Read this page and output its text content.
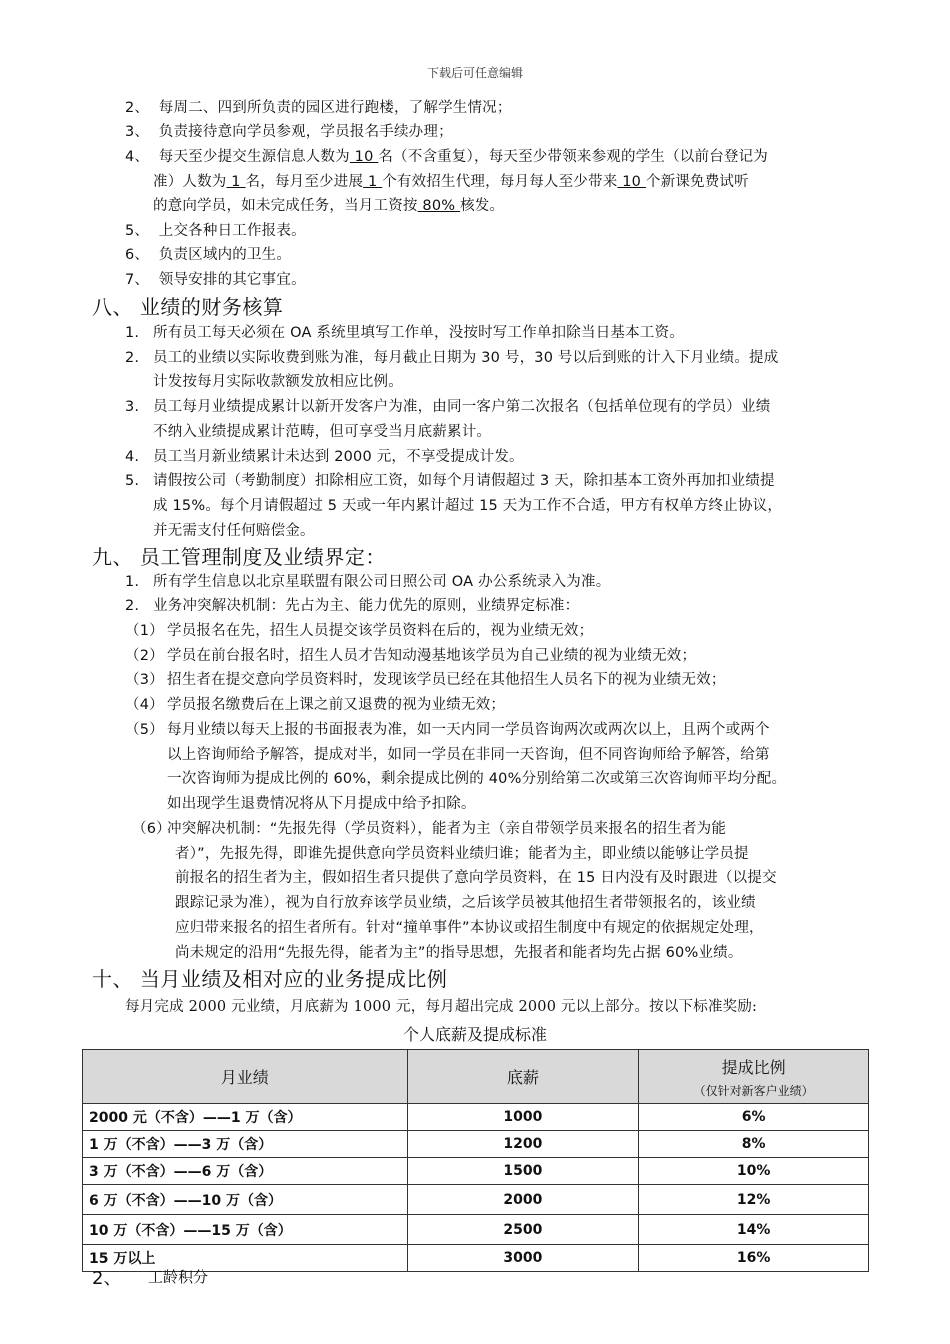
下载后可任意编辑
2、 每周二、四到所负责的园区进行跑楼，了解学生情况；
3、 负责接待意向学员参观，学员报名手续办理；
4、 每天至少提交生源信息人数为 10 名（不含重复），每天至少带领来参观的学生（以前台登记为
准）人数为 1 名，每月至少进展 1 个有效招生代理，每月每人至少带来 10 个新课免费试听
的意向学员，如未完成任务，当月工资按 80% 核发。
5、 上交各种日工作报表。
6、 负责区域内的卫生。
7、 领导安排的其它事宜。
八、 业绩的财务核算
1. 所有员工每天必须在 OA 系统里填写工作单，没按时写工作单扣除当日基本工资。
2. 员工的业绩以实际收费到账为准，每月截止日期为 30 号，30 号以后到账的计入下月业绩。提成
计发按每月实际收款额发放相应比例。
3. 员工每月业绩提成累计以新开发客户为准，由同一客户第二次报名（包括单位现有的学员）业绩
不纳入业绩提成累计范畴，但可享受当月底薪累计。
4. 员工当月新业绩累计未达到 2000 元，不享受提成计发。
5. 请假按公司（考勤制度）扣除相应工资，如每个月请假超过 3 天，除扣基本工资外再加扣业绩提
成 15%。每个月请假超过 5 天或一年内累计超过 15 天为工作不合适，甲方有权单方终止协议，
并无需支付任何赔偿金。
九、 员工管理制度及业绩界定：
1. 所有学生信息以北京星联盟有限公司日照公司 OA 办公系统录入为准。
2. 业务冲突解决机制：先占为主、能力优先的原则，业绩界定标准：
（1） 学员报名在先，招生人员提交该学员资料在后的，视为业绩无效；
（2） 学员在前台报名时，招生人员才告知动漫基地该学员为自己业绩的视为业绩无效；
（3） 招生者在提交意向学员资料时，发现该学员已经在其他招生人员名下的视为业绩无效；
（4） 学员报名缴费后在上课之前又退费的视为业绩无效；
（5） 每月业绩以每天上报的书面报表为准，如一天内同一学员咨询两次或两次以上，且两个或两个
以上咨询师给予解答，提成对半，如同一学员在非同一天咨询，但不同咨询师给予解答，给第
一次咨询师为提成比例的 60%，剩余提成比例的 40%分别给第二次或第三次咨询师平均分配。
如出现学生退费情况将从下月提成中给予扣除。
（6）
冲突解决机制：“先报先得（学员资料），能者为主（亲自带领学员来报名的招生者为能
者）”，先报先得，即谁先提供意向学员资料业绩归谁；能者为主，即业绩以能够让学员提
前报名的招生者为主，假如招生者只提供了意向学员资料，在 15 日内没有及时跟进（以提交
跟踪记录为准），视为自行放弃该学员业绩，之后该学员被其他招生者带领报名的，该业绩
应归带来报名的招生者所有。针对“撞单事件”本协议或招生制度中有规定的依据规定处理，
尚未规定的沿用“先报先得，能者为主”的指导思想，先报者和能者均先占据 60%业绩。
十、 当月业绩及相对应的业务提成比例
每月完成 2000 元业绩，月底薪为 1000 元，每月超出完成 2000 元以上部分。按以下标准奖励:
个人底薪及提成标准
月业绩	底薪	提成比例
（仅针对新客户业绩）

2000 元（不含）——1 万（含）	1000	6%
1 万（不含）——3 万（含）	1200	8%
3 万（不含）——6 万（含）	1500	10%
6 万（不含）——10 万（含）	2000	12%
10 万（不含）——15 万（含）	2500	14%
15 万以上	3000	16%
2、 工龄积分
